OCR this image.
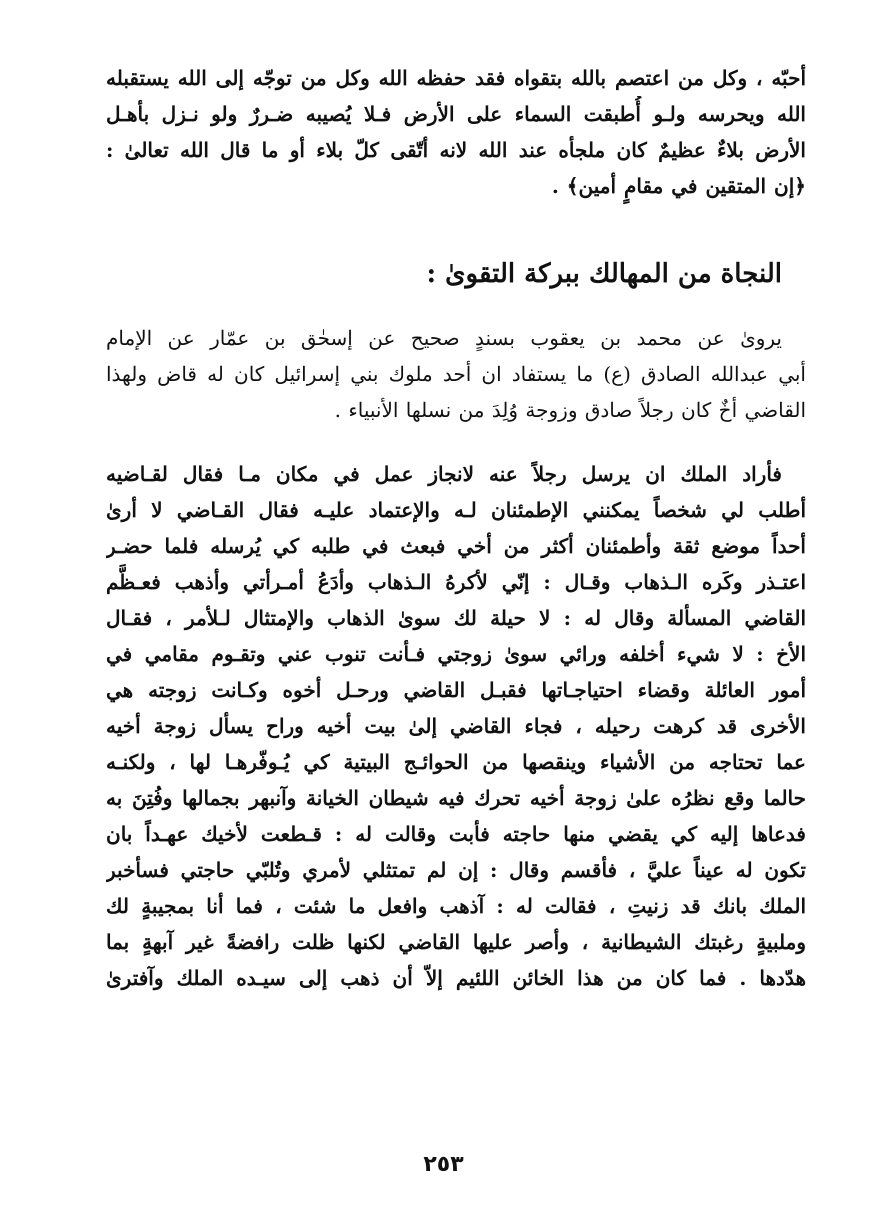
أحبّه ، وكل من اعتصم بالله بتقواه فقد حفظه الله وكل من توجّه إلى الله يستقبله
الله ويحرسه ولـو أُطبقت السماء على الأرض فـلا يُصيبه ضـررٌ ولو نـزل بأهـل
الأرض بلاءٌ عظيمٌ كان ملجأه عند الله لانه أتّقى كلّ بلاء أو ما قال الله تعالىٰ :
﴿إن المتقين في مقامٍ أمين﴾ .
النجاة من المهالك ببركة التقوىٰ :
يرویٰ عن محمد بن يعقوب بسندٍ صحيح عن إسحٰق بن عمّار عن الإمام
أبي عبدالله الصادق (ع) ما يستفاد ان أحد ملوك بني إسرائيل كان له قاض ولهذا
القاضي أخٌ كان رجلاً صادق وزوجة وُلِدَ من نسلها الأنبياء .
فأراد الملك ان يرسل رجلاً عنه لانجاز عمل في مكان مـا فقال لقـاضيه
أطلب لي شخصاً يمكنني الإطمئنان لـه والإعتماد عليـه فقال القـاضي لا أرىٰ
أحداً موضع ثقة وأطمئنان أكثر من أخي فبعث في طلبه كي يُرسله فلما حضـر
اعتـذر وكَره الـذهاب وقـال : إنّي لأكرهُ الـذهاب وأدَعُ أمـرأتي وأذهب فعـظَّم
القاضي المسألة وقال له : لا حيلة لك سوىٰ الذهاب والإمتثال لـلأمر ، فقـال
الأخ : لا شيء أخلفه ورائي سوىٰ زوجتي فـأنت تنوب عني وتقـوم مقامي في
أمور العائلة وقضاء احتياجـاتها فقبـل القاضي ورحـل أخوه وكـانت زوجته هي
الأخرى قد كرهت رحيله ، فجاء القاضي إلىٰ بيت أخيه وراح يسأل زوجة أخيه
عما تحتاجه من الأشياء وينقصها من الحوائـج البيتية كي يُـوفّرهـا لها ، ولكنـه
حالما وقع نظرُه علىٰ زوجة أخيه تحرك فيه شيطان الخيانة وآنبهر بجمالها وفُتِنَ به
فدعاها إليه كي يقضي منها حاجته فأبت وقالت له : قـطعت لأخيك عهـداً بان
تكون له عيناً عليَّ ، فأقسم وقال : إن لم تمتثلي لأمري وتُلبّي حاجتي فسأخبر
الملك بانك قد زنيتِ ، فقالت له : آذهب وافعل ما شئت ، فما أنا بمجيبةٍ لك
وملبيةٍ رغبتك الشيطانية ، وأصر عليها القاضي لكنها ظلت رافضةً غير آبهةٍ بما
هدّدها . فما كان من هذا الخائن اللئيم إلاّ أن ذهب إلى سيـده الملك وآفترىٰ
٢٥٣
